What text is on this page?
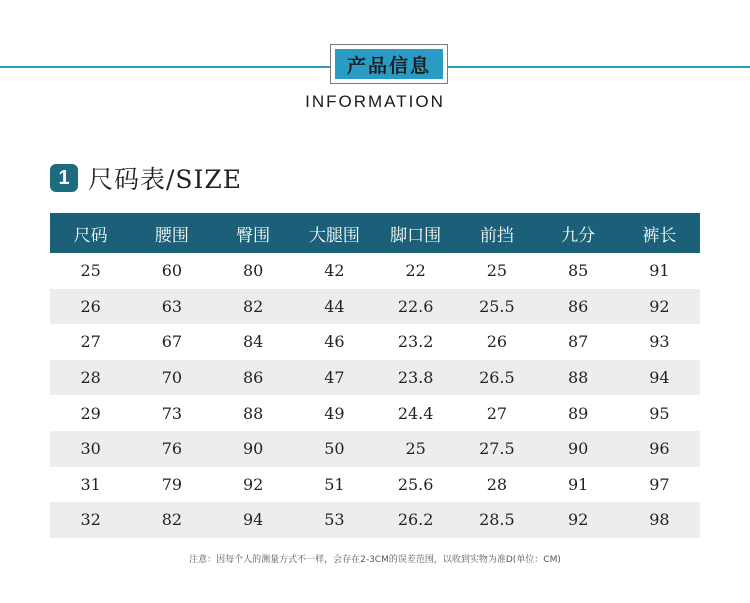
产品信息
INFORMATION
1 尺码表/SIZE
尺码	腰围	臀围	大腿围	脚口围	前挡	九分	裤长
25	60	80	42	22	25	85	91
26	63	82	44	22.6	25.5	86	92
27	67	84	46	23.2	26	87	93
28	70	86	47	23.8	26.5	88	94
29	73	88	49	24.4	27	89	95
30	76	90	50	25	27.5	90	96
31	79	92	51	25.6	28	91	97
32	82	94	53	26.2	28.5	92	98
注意：因每个人的测量方式不一样，会存在2-3CM的误差范围，以收到实物为准D(单位：CM)
